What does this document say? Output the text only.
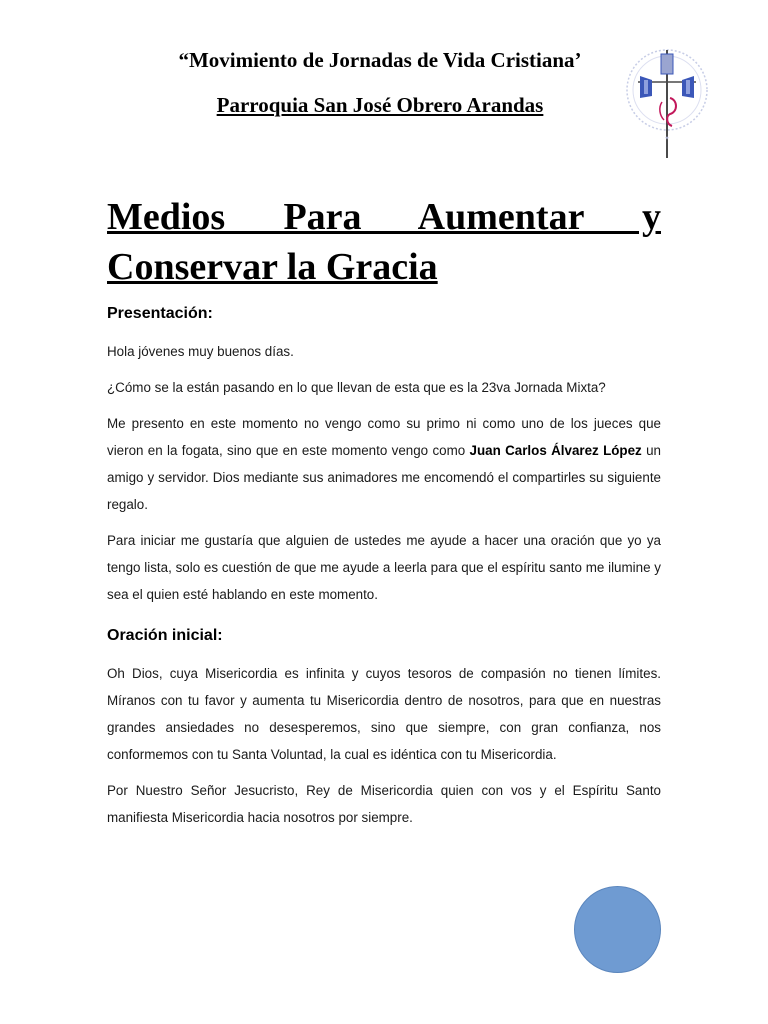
“Movimiento de Jornadas de Vida Cristiana’
Parroquia San José Obrero Arandas
✦
Medios Para Aumentar y Conservar la Gracia
Presentación:

Hola jóvenes muy buenos días.

¿Cómo se la están pasando en lo que llevan de esta que es la 23va Jornada Mixta?

Me presento en este momento no vengo como su primo ni como uno de los jueces que vieron en la fogata, sino que en este momento vengo como Juan Carlos Álvarez López un amigo y servidor. Dios mediante sus animadores me encomendó el compartirles su siguiente regalo.

Para iniciar me gustaría que alguien de ustedes me ayude a hacer una oración que yo ya tengo lista, solo es cuestión de que me ayude a leerla para que el espíritu santo me ilumine y sea el quien esté hablando en este momento.

Oración inicial:

Oh Dios, cuya Misericordia es infinita y cuyos tesoros de compasión no tienen límites. Míranos con tu favor y aumenta tu Misericordia dentro de nosotros, para que en nuestras grandes ansiedades no desesperemos, sino que siempre, con gran confianza, nos conformemos con tu Santa Voluntad, la cual es idéntica con tu Misericordia.

Por Nuestro Señor Jesucristo, Rey de Misericordia quien con vos y el Espíritu Santo manifiesta Misericordia hacia nosotros por siempre.
